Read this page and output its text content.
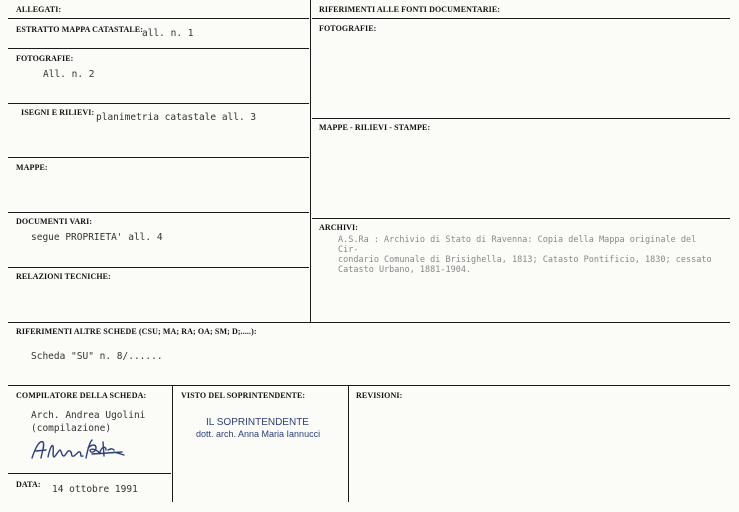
ALLEGATI:
ESTRATTO MAPPA CATASTALE: all. n. 1
FOTOGRAFIE:
All. n. 2
ISEGNI E RILIEVI: planimetria catastale all. 3
MAPPE:
DOCUMENTI VARI:
segue PROPRIETA' all. 4
RELAZIONI TECNICHE:
RIFERIMENTI ALLE FONTI DOCUMENTARIE:
FOTOGRAFIE:
MAPPE - RILIEVI - STAMPE:
ARCHIVI:
A.S.Ra : Archivio di Stato di Ravenna: Copia della Mappa originale del Cir-
condario Comunale di Brisighella, 1813; Catasto Pontificio, 1830; cessato
Catasto Urbano, 1881-1904.
RIFERIMENTI ALTRE SCHEDE (CSU; MA; RA; OA; SM; D;.....):
Scheda "SU" n. 8/......
COMPILATORE DELLA SCHEDA:
Arch. Andrea Ugolini
(compilazione)
VISTO DEL SOPRINTENDENTE:
IL SOPRINTENDENTE
dott. arch. Anna Maria Iannucci
REVISIONI:
DATA: 14 ottobre 1991
